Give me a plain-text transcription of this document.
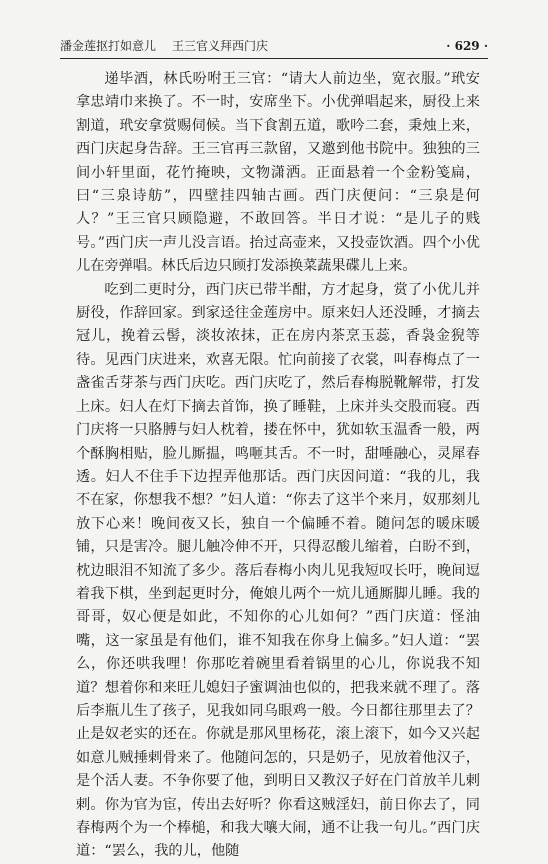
潘金莲抠打如意儿 王三官义拜西门庆	· 629 ·

递毕酒，林氏吩咐王三官：“请大人前边坐，宽衣服。”玳安拿忠靖巾来换了。不一时，安席坐下。小优弹唱起来，厨役上来割道，玳安拿赏赐伺候。当下食割五道，歌吟二套，秉烛上来，西门庆起身告辞。王三官再三款留，又邀到他书院中。独独的三间小轩里面，花竹掩映，文物潇洒。正面悬着一个金粉笺扁，曰“三泉诗舫”，四壁挂四轴古画。西门庆便问：“三泉是何人？”王三官只顾隐避，不敢回答。半日才说：“是儿子的贱号。”西门庆一声儿没言语。抬过高壶来，又投壶饮酒。四个小优儿在旁弹唱。林氏后边只顾打发添换菜蔬果碟儿上来。

吃到二更时分，西门庆已带半酣，方才起身，赏了小优儿并厨役，作辞回家。到家迳往金莲房中。原来妇人还没睡，才摘去冠儿，挽着云髻，淡妆浓抹，正在房内茶烹玉蕊，香袅金猊等待。见西门庆进来，欢喜无限。忙向前接了衣裳，叫春梅点了一盏雀舌芽茶与西门庆吃。西门庆吃了，然后春梅脱靴解带，打发上床。妇人在灯下摘去首饰，换了睡鞋，上床并头交股而寝。西门庆将一只胳膊与妇人枕着，搂在怀中，犹如软玉温香一般，两个酥胸相贴，脸儿厮揾，鸣咂其舌。不一时，甜唾融心，灵犀春透。妇人不住手下边捏弄他那话。西门庆因问道：“我的儿，我不在家，你想我不想？”妇人道：“你去了这半个来月，奴那刻儿放下心来！晚间夜又长，独自一个偏睡不着。随问怎的暖床暖铺，只是害冷。腿儿触冷伸不开，只得忍酸儿缩着，白盼不到，枕边眼泪不知流了多少。落后春梅小肉儿见我短叹长吁，晚间逗着我下棋，坐到起更时分，俺娘儿两个一炕儿通厮脚儿睡。我的哥哥，奴心便是如此，不知你的心儿如何？”西门庆道：怪油嘴，这一家虽是有他们，谁不知我在你身上偏多。”妇人道：“罢么，你还哄我哩！你那吃着碗里看着锅里的心儿，你说我不知道？想着你和来旺儿媳妇子蜜调油也似的，把我来就不理了。落后李瓶儿生了孩子，见我如同乌眼鸡一般。今日都往那里去了？止是奴老实的还在。你就是那风里杨花，滚上滚下，如今又兴起如意儿贼捶剌骨来了。他随问怎的，只是奶子，见放着他汉子，是个活人妻。不争你要了他，到明日又教汉子好在门首放羊儿剌剌。你为官为宦，传出去好听？你看这贼淫妇，前日你去了，同春梅两个为一个棒槌，和我大嚷大闹，通不让我一句儿。”西门庆道：“罢么，我的儿，他随
